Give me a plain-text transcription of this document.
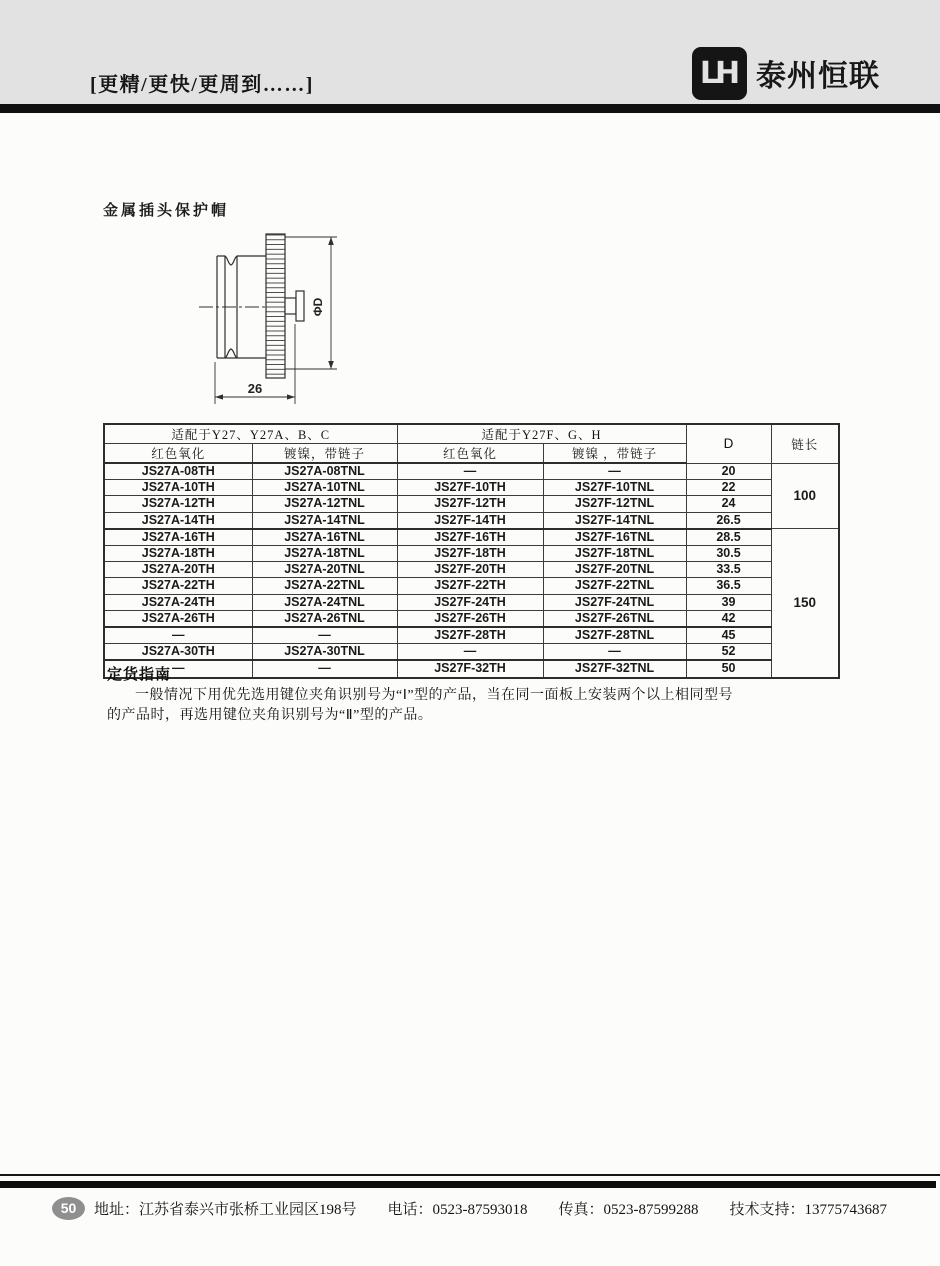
[更精/更快/更周到……]	LH 泰州恒联
金属插头保护帽
ΦD
26
适配于Y27、Y27A、B、C		适配于Y27F、G、H		D	链长
红色氧化	镀镍，带链子	红色氧化	镀镍 ，带链子		
JS27A-08TH	JS27A-08TNL	—	—	20	100
JS27A-10TH	JS27A-10TNL	JS27F-10TH	JS27F-10TNL	22	
JS27A-12TH	JS27A-12TNL	JS27F-12TH	JS27F-12TNL	24	
JS27A-14TH	JS27A-14TNL	JS27F-14TH	JS27F-14TNL	26.5	
JS27A-16TH	JS27A-16TNL	JS27F-16TH	JS27F-16TNL	28.5	150
JS27A-18TH	JS27A-18TNL	JS27F-18TH	JS27F-18TNL	30.5	
JS27A-20TH	JS27A-20TNL	JS27F-20TH	JS27F-20TNL	33.5	
JS27A-22TH	JS27A-22TNL	JS27F-22TH	JS27F-22TNL	36.5	
JS27A-24TH	JS27A-24TNL	JS27F-24TH	JS27F-24TNL	39	
JS27A-26TH	JS27A-26TNL	JS27F-26TH	JS27F-26TNL	42	
—	—	JS27F-28TH	JS27F-28TNL	45	
JS27A-30TH	JS27A-30TNL	—	—	52	
—	—	JS27F-32TH	JS27F-32TNL	50	
定货指南
一般情况下用优先选用键位夹角识别号为“Ⅰ”型的产品，当在同一面板上安装两个以上相同型号
的产品时，再选用键位夹角识别号为“Ⅱ”型的产品。
50	地址：江苏省泰兴市张桥工业园区198号 电话：0523-87593018 传真：0523-87599288 技术支持：13775743687
